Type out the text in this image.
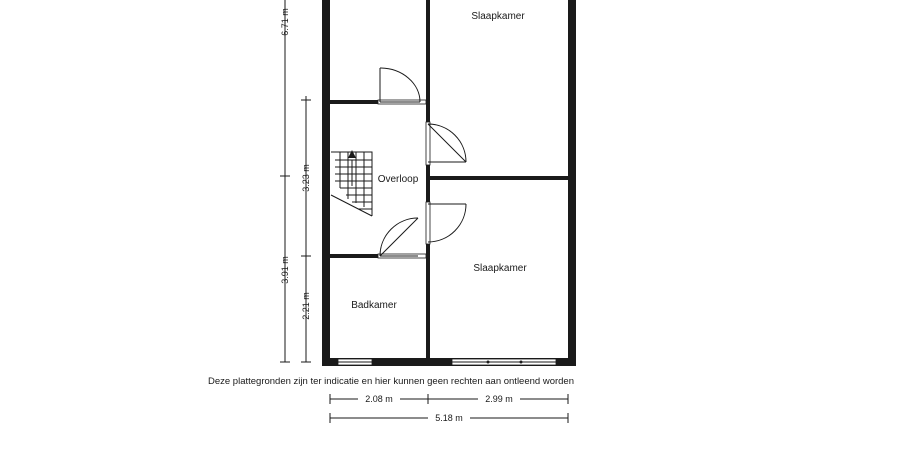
Slaapkamer
Overloop
Slaapkamer
Badkamer
6.71 m
3.91 m
3.23 m
2.21 m
Deze plattegronden zijn ter indicatie en hier kunnen geen rechten aan ontleend worden
2.08 m	2.99 m
5.18 m
